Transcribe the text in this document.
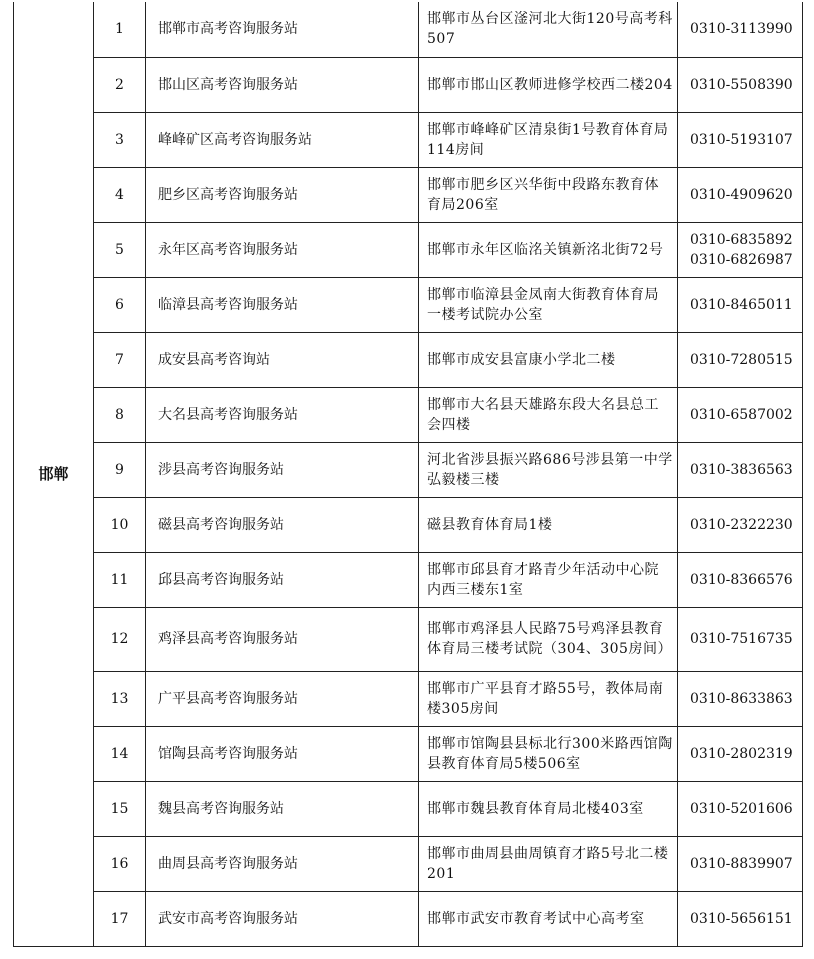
邯郸	1	邯郸市高考咨询服务站	邯郸市丛台区滏河北大街120号高考科507	0310-3113990

	2	邯山区高考咨询服务站	邯郸市邯山区教师进修学校西二楼204	0310-5508390

	3	峰峰矿区高考咨询服务站	邯郸市峰峰矿区清泉街1号教育体育局114房间	0310-5193107

	4	肥乡区高考咨询服务站	邯郸市肥乡区兴华街中段路东教育体育局206室	0310-4909620

	5	永年区高考咨询服务站	邯郸市永年区临洺关镇新洺北街72号	0310-6835892
0310-6826987

	6	临漳县高考咨询服务站	邯郸市临漳县金凤南大街教育体育局一楼考试院办公室	0310-8465011

	7	成安县高考咨询站	邯郸市成安县富康小学北二楼	0310-7280515

	8	大名县高考咨询服务站	邯郸市大名县天雄路东段大名县总工会四楼	0310-6587002

	9	涉县高考咨询服务站	河北省涉县振兴路686号涉县第一中学弘毅楼三楼	0310-3836563

	10	磁县高考咨询服务站	磁县教育体育局1楼	0310-2322230

	11	邱县高考咨询服务站	邯郸市邱县育才路青少年活动中心院内西三楼东1室	0310-8366576

	12	鸡泽县高考咨询服务站	邯郸市鸡泽县人民路75号鸡泽县教育体育局三楼考试院（304、305房间）	0310-7516735

	13	广平县高考咨询服务站	邯郸市广平县育才路55号，教体局南楼305房间	0310-8633863

	14	馆陶县高考咨询服务站	邯郸市馆陶县县标北行300米路西馆陶县教育体育局5楼506室	0310-2802319

	15	魏县高考咨询服务站	邯郸市魏县教育体育局北楼403室	0310-5201606

	16	曲周县高考咨询服务站	邯郸市曲周县曲周镇育才路5号北二楼201	0310-8839907

	17	武安市高考咨询服务站	邯郸市武安市教育考试中心高考室	0310-5656151
